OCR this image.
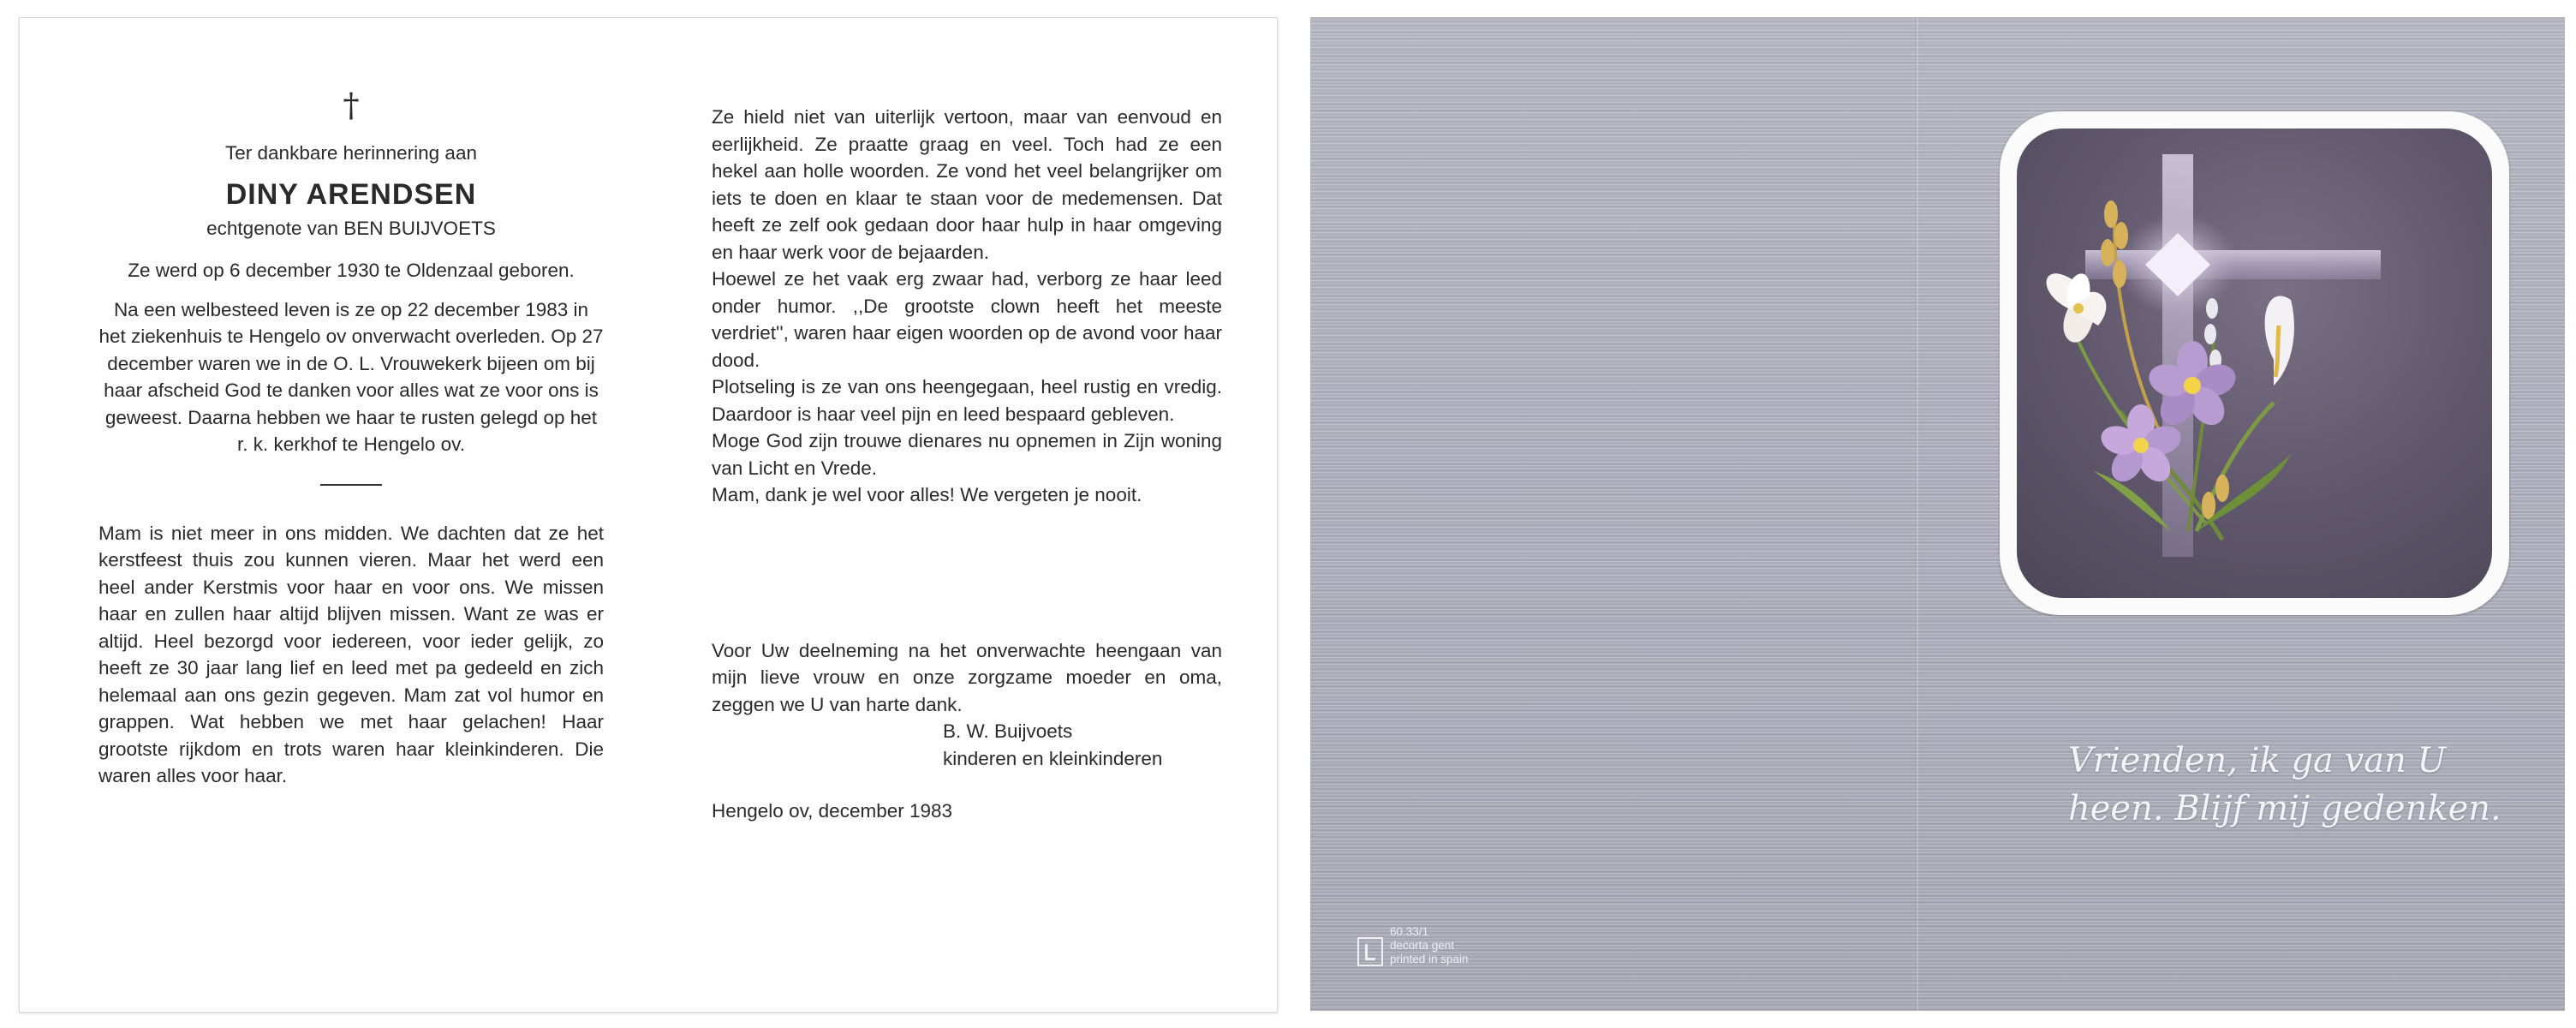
†

Ter dankbare herinnering aan

DINY ARENDSEN

echtgenote van BEN BUIJVOETS

Ze werd op 6 december 1930 te Oldenzaal geboren.

Na een welbesteed leven is ze op 22 december 1983 in het ziekenhuis te Hengelo ov onverwacht overleden. Op 27 december waren we in de O. L. Vrouwekerk bijeen om bij haar afscheid God te danken voor alles wat ze voor ons is geweest. Daarna hebben we haar te rusten gelegd op het r. k. kerkhof te Hengelo ov.

Mam is niet meer in ons midden. We dachten dat ze het kerstfeest thuis zou kunnen vieren. Maar het werd een heel ander Kerstmis voor haar en voor ons. We missen haar en zullen haar altijd blijven missen. Want ze was er altijd. Heel bezorgd voor iedereen, voor ieder gelijk, zo heeft ze 30 jaar lang lief en leed met pa gedeeld en zich helemaal aan ons gezin gegeven. Mam zat vol humor en grappen. Wat hebben we met haar gelachen! Haar grootste rijkdom en trots waren haar kleinkinderen. Die waren alles voor haar.

Ze hield niet van uiterlijk vertoon, maar van eenvoud en eerlijkheid. Ze praatte graag en veel. Toch had ze een hekel aan holle woorden. Ze vond het veel belangrijker om iets te doen en klaar te staan voor de medemensen. Dat heeft ze zelf ook gedaan door haar hulp in haar omgeving en haar werk voor de bejaarden.

Hoewel ze het vaak erg zwaar had, verborg ze haar leed onder humor. ,,De grootste clown heeft het meeste verdriet'', waren haar eigen woorden op de avond voor haar dood.

Plotseling is ze van ons heengegaan, heel rustig en vredig. Daardoor is haar veel pijn en leed bespaard gebleven.

Moge God zijn trouwe dienares nu opnemen in Zijn woning van Licht en Vrede.

Mam, dank je wel voor alles! We vergeten je nooit.

Voor Uw deelneming na het onverwachte heengaan van mijn lieve vrouw en onze zorgzame moeder en oma, zeggen we U van harte dank.

B. W. Buijvoets

kinderen en kleinkinderen

Hengelo ov, december 1983

Vrienden, ik ga van U

heen. Blijf mij gedenken.

60.33/1
decorta gent
printed in spain
